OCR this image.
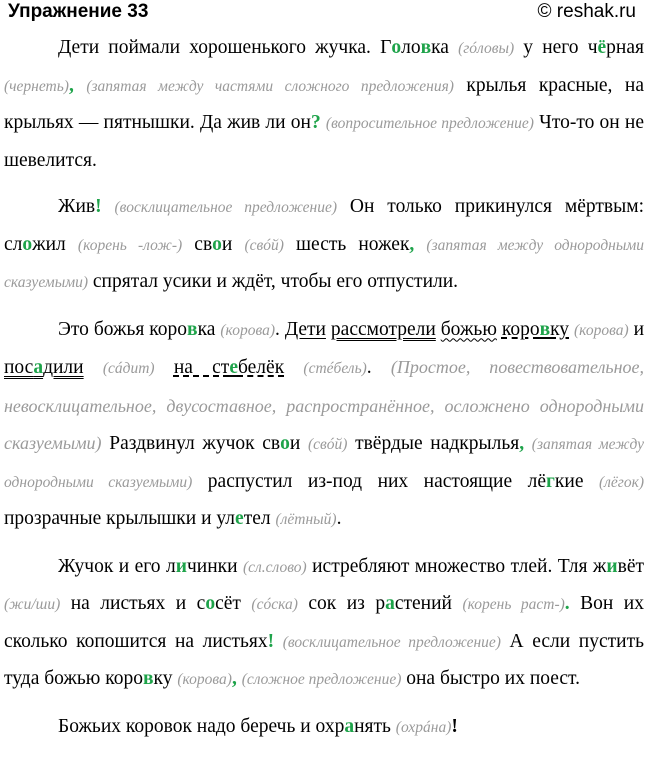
Упражнение 33	© reshak.ru

Дети поймали хорошенького жучка. Головка (гóловы) у него чёрная (чернеть), (запятая между частями сложного предложения) крылья красные, на крыльях — пятнышки. Да жив ли он? (вопросительное предложение) Что-то он не шевелится.

Жив! (восклицательное предложение) Он только прикинулся мёртвым: сложил (корень -лож-) свои (свóй) шесть ножек, (запятая между однородными сказуемыми) спрятал усики и ждёт, чтобы его отпустили.

Это божья коровка (корова). Дети рассмотрели божью коровку (корова) и посадили (сáдит) на стебелёк (стéбель). (Простое, повествовательное, невосклицательное, двусоставное, распространённое, осложнено однородными сказуемыми) Раздвинул жучок свои (свóй) твёрдые надкрылья, (запятая между однородными сказуемыми) распустил из-под них настоящие лёгкие (лёгок) прозрачные крылышки и улетел (лётный).

Жучок и его личинки (сл.слово) истребляют множество тлей. Тля живёт (жи/ши) на листьях и сосёт (сóска) сок из растений (корень раст-). Вон их сколько копошится на листьях! (восклицательное предложение) А если пустить туда божью коровку (корова), (сложное предложение) она быстро их поест.

Божьих коровок надо беречь и охранять (охрáна)!
